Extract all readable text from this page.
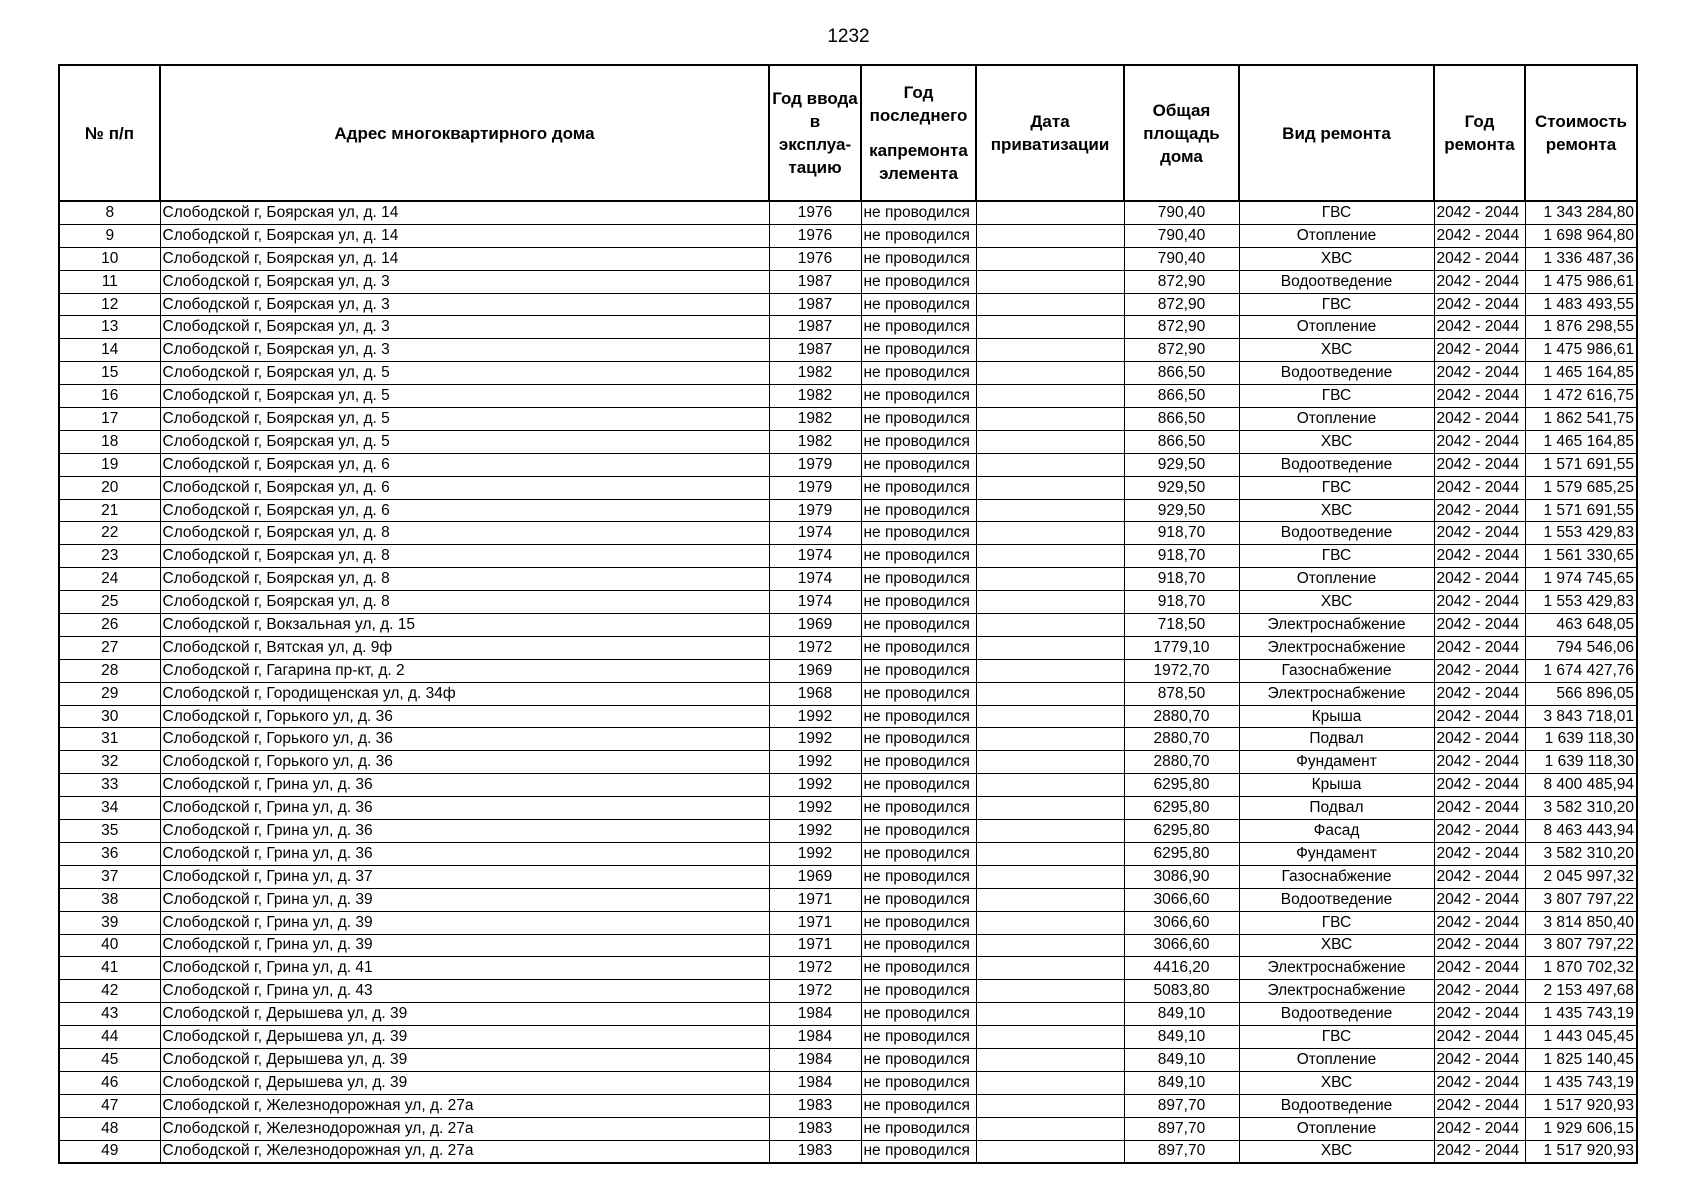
1232
№ п/п	Адрес многоквартирного дома	Год ввода в эксплуа-тацию	Год последнего
капремонта элемента	Дата приватизации	Общая площадь дома	Вид ремонта	Год ремонта	Стоимость ремонта
8	Слободской г, Боярская ул, д. 14	1976	не проводился		790,40	ГВС	2042 - 2044	1 343 284,80
9	Слободской г, Боярская ул, д. 14	1976	не проводился		790,40	Отопление	2042 - 2044	1 698 964,80
10	Слободской г, Боярская ул, д. 14	1976	не проводился		790,40	ХВС	2042 - 2044	1 336 487,36
11	Слободской г, Боярская ул, д. 3	1987	не проводился		872,90	Водоотведение	2042 - 2044	1 475 986,61
12	Слободской г, Боярская ул, д. 3	1987	не проводился		872,90	ГВС	2042 - 2044	1 483 493,55
13	Слободской г, Боярская ул, д. 3	1987	не проводился		872,90	Отопление	2042 - 2044	1 876 298,55
14	Слободской г, Боярская ул, д. 3	1987	не проводился		872,90	ХВС	2042 - 2044	1 475 986,61
15	Слободской г, Боярская ул, д. 5	1982	не проводился		866,50	Водоотведение	2042 - 2044	1 465 164,85
16	Слободской г, Боярская ул, д. 5	1982	не проводился		866,50	ГВС	2042 - 2044	1 472 616,75
17	Слободской г, Боярская ул, д. 5	1982	не проводился		866,50	Отопление	2042 - 2044	1 862 541,75
18	Слободской г, Боярская ул, д. 5	1982	не проводился		866,50	ХВС	2042 - 2044	1 465 164,85
19	Слободской г, Боярская ул, д. 6	1979	не проводился		929,50	Водоотведение	2042 - 2044	1 571 691,55
20	Слободской г, Боярская ул, д. 6	1979	не проводился		929,50	ГВС	2042 - 2044	1 579 685,25
21	Слободской г, Боярская ул, д. 6	1979	не проводился		929,50	ХВС	2042 - 2044	1 571 691,55
22	Слободской г, Боярская ул, д. 8	1974	не проводился		918,70	Водоотведение	2042 - 2044	1 553 429,83
23	Слободской г, Боярская ул, д. 8	1974	не проводился		918,70	ГВС	2042 - 2044	1 561 330,65
24	Слободской г, Боярская ул, д. 8	1974	не проводился		918,70	Отопление	2042 - 2044	1 974 745,65
25	Слободской г, Боярская ул, д. 8	1974	не проводился		918,70	ХВС	2042 - 2044	1 553 429,83
26	Слободской г, Вокзальная ул, д. 15	1969	не проводился		718,50	Электроснабжение	2042 - 2044	463 648,05
27	Слободской г, Вятская ул, д. 9ф	1972	не проводился		1779,10	Электроснабжение	2042 - 2044	794 546,06
28	Слободской г, Гагарина пр-кт, д. 2	1969	не проводился		1972,70	Газоснабжение	2042 - 2044	1 674 427,76
29	Слободской г, Городищенская ул, д. 34ф	1968	не проводился		878,50	Электроснабжение	2042 - 2044	566 896,05
30	Слободской г, Горького ул, д. 36	1992	не проводился		2880,70	Крыша	2042 - 2044	3 843 718,01
31	Слободской г, Горького ул, д. 36	1992	не проводился		2880,70	Подвал	2042 - 2044	1 639 118,30
32	Слободской г, Горького ул, д. 36	1992	не проводился		2880,70	Фундамент	2042 - 2044	1 639 118,30
33	Слободской г, Грина ул, д. 36	1992	не проводился		6295,80	Крыша	2042 - 2044	8 400 485,94
34	Слободской г, Грина ул, д. 36	1992	не проводился		6295,80	Подвал	2042 - 2044	3 582 310,20
35	Слободской г, Грина ул, д. 36	1992	не проводился		6295,80	Фасад	2042 - 2044	8 463 443,94
36	Слободской г, Грина ул, д. 36	1992	не проводился		6295,80	Фундамент	2042 - 2044	3 582 310,20
37	Слободской г, Грина ул, д. 37	1969	не проводился		3086,90	Газоснабжение	2042 - 2044	2 045 997,32
38	Слободской г, Грина ул, д. 39	1971	не проводился		3066,60	Водоотведение	2042 - 2044	3 807 797,22
39	Слободской г, Грина ул, д. 39	1971	не проводился		3066,60	ГВС	2042 - 2044	3 814 850,40
40	Слободской г, Грина ул, д. 39	1971	не проводился		3066,60	ХВС	2042 - 2044	3 807 797,22
41	Слободской г, Грина ул, д. 41	1972	не проводился		4416,20	Электроснабжение	2042 - 2044	1 870 702,32
42	Слободской г, Грина ул, д. 43	1972	не проводился		5083,80	Электроснабжение	2042 - 2044	2 153 497,68
43	Слободской г, Дерышева ул, д. 39	1984	не проводился		849,10	Водоотведение	2042 - 2044	1 435 743,19
44	Слободской г, Дерышева ул, д. 39	1984	не проводился		849,10	ГВС	2042 - 2044	1 443 045,45
45	Слободской г, Дерышева ул, д. 39	1984	не проводился		849,10	Отопление	2042 - 2044	1 825 140,45
46	Слободской г, Дерышева ул, д. 39	1984	не проводился		849,10	ХВС	2042 - 2044	1 435 743,19
47	Слободской г, Железнодорожная ул, д. 27а	1983	не проводился		897,70	Водоотведение	2042 - 2044	1 517 920,93
48	Слободской г, Железнодорожная ул, д. 27а	1983	не проводился		897,70	Отопление	2042 - 2044	1 929 606,15
49	Слободской г, Железнодорожная ул, д. 27а	1983	не проводился		897,70	ХВС	2042 - 2044	1 517 920,93
